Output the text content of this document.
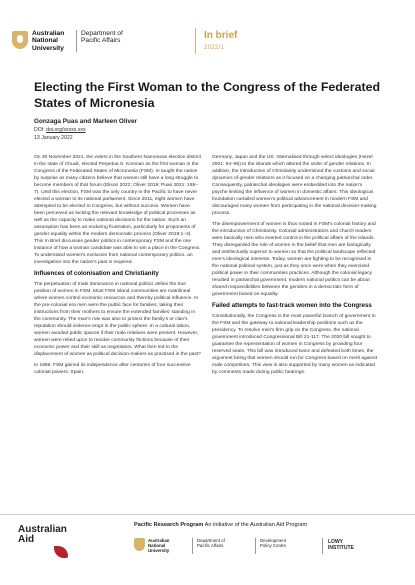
Australian
National
University
Department of
Pacific Affairs	In brief
2022/1
Electing the First Woman to the Congress of the Federated States of Micronesia
Gonzaga Puas and Marleen Oliver
DOI: doi.org/xxxxx.xxx
13 January 2022

On 30 November 2021, the voters in the Southern Namoneas election district in the state of Chuuk, elected Perpetua S. Konman as the first woman in the Congress of the Federated States of Micronesia (FSM). In taught the nation by surprise as many citizens believe that women still have a long struggle to become members of that forum (Elison 2022; Oliver 2019; Puas 2021: 155–7). Until this election, FSM was the only country in the Pacific to have never elected a woman to its national parliament. Since 2011, eight women have attempted to be elected to Congress, but without success. Women have been perceived as lacking the relevant knowledge of political processes as well as the capacity to make national decisions for the nation. Such an assumption has been an enduring frustration, particularly for proponents of gender equality within the modern democratic process (Oliver 2019:1–3). This In Brief discusses gender politics in contemporary FSM and the one instance of how a woman candidate was able to win a place in the Congress. To understand women's exclusion from national contemporary politics, an investigation into the nation's past is required.

Influences of colonisation and Christianity

The perpetuation of male dominance in national politics defies the true position of women in FSM. Most FSM island communities are matrilineal where women control economic resources and thereby political influence. In the pre-colonial era men were the public face for families, taking their instructions from their mothers to ensure the extended families' standing in the community. The man's role was also to protect the family's or clan's reputation should violence erupt in the public sphere. In a cultural taboo, women avoided public spaces if their male relatives were present. However, women were relied upon to resolve community frictions because of their economic power and their skill as negotiators. What then led to the displacement of women as political decision-makers as practised in the past?

In 1986, FSM gained its independence after centuries of four successive colonial powers: Spain,

Germany, Japan and the US. Internalised through select ideologies (Hezel 2001: 94–96) to the islands which altered the order of gender relations. In addition, the introduction of Christianity undermined the customs and social dynamics of gender relations as it focused on a changing patriarchal order. Consequently, patriarchal ideologies were embedded into the nation's psyche limiting the influence of women in domestic affairs. This ideological foundation curtailed women's political advancement in modern FSM and discouraged many women from participating in the national decision-making process.

The disempowerment of women is thus rooted in FSM's colonial history and the introduction of Christianity. Colonial administrators and church leaders were basically men who exerted control in the political affairs of the islands. They disregarded the role of women in the belief that men are biologically and intellectually superior to women so that the political landscape reflected men's ideological interests. Today, women are fighting to be recognised in the national political system, just as they once were when they exercised political power in their communities practices. Although the colonial legacy resulted in patriarchal government, modern national politics can be about shared responsibilities between the genders in a democratic form of government based on equality.

Failed attempts to fast-track women into the Congress

Constitutionally, the Congress is the most powerful branch of government in the FSM and the gateway to national leadership positions such as the presidency. To resolve men's firm grip on the Congress, the national government introduced Congressional Bill 21-117. The 2020 bill sought to guarantee the representation of women in Congress by providing four reserved seats. This bill was introduced twice and defeated both times, the argument being that women should run for Congress based on merit against male competitors. This view is also supported by many women as indicated by comments made during public hearings.

Australian Aid
Pacific Research Program An initiative of the Australian Aid Program
Australian
National
University
Department of
Pacific Affairs
Development
Policy Centre
LOWY
INSTITUTE
